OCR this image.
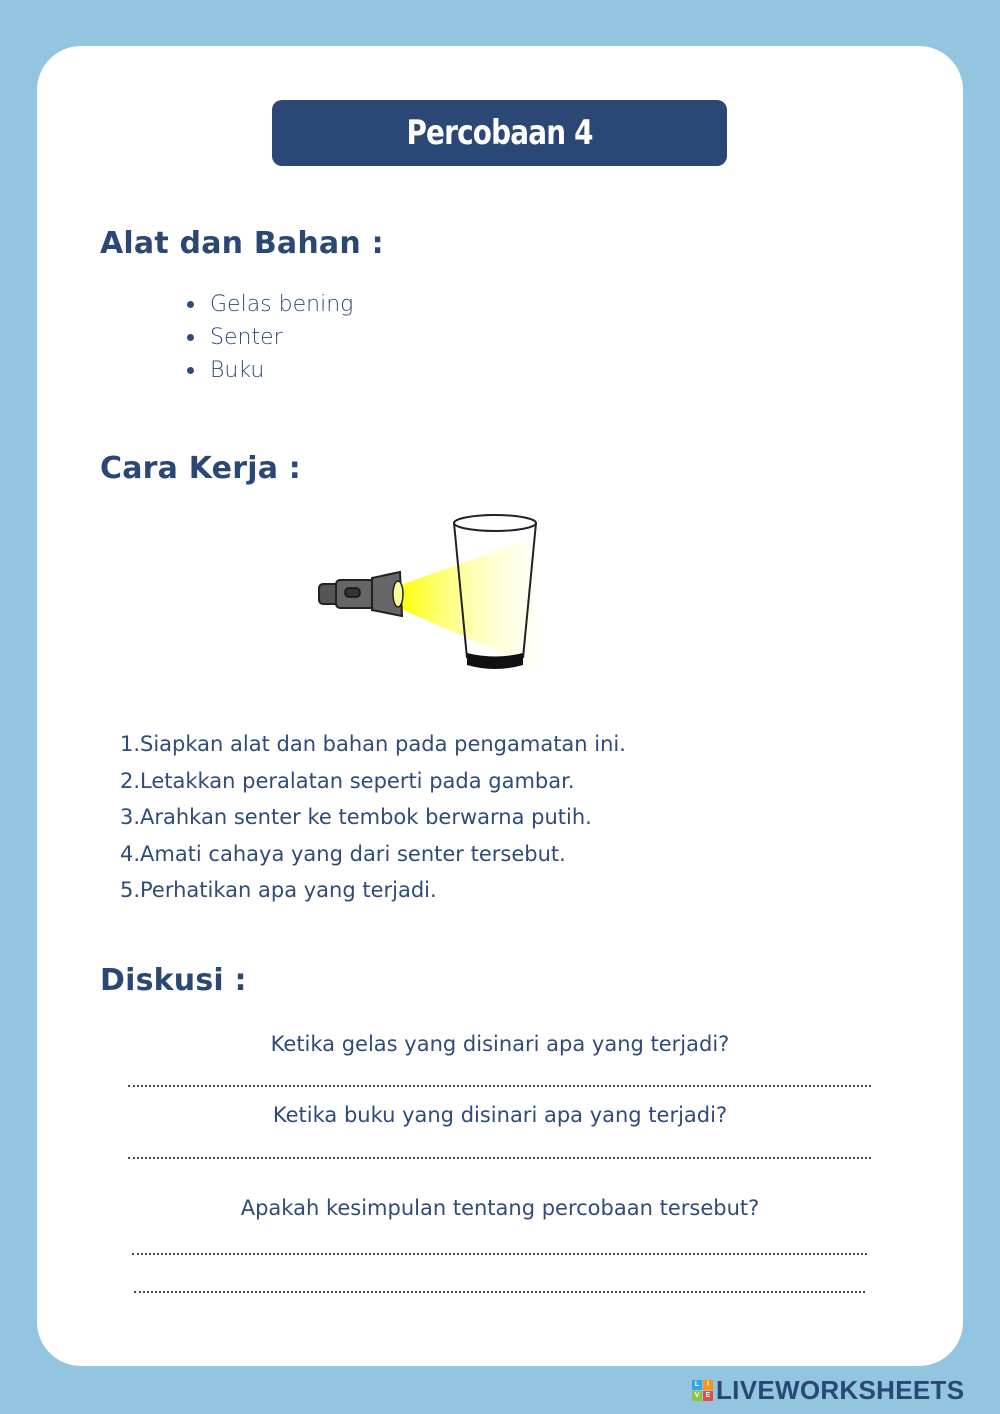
Percobaan 4
Alat dan Bahan :
Gelas bening
Senter
Buku
Cara Kerja :
1. Siapkan alat dan bahan pada pengamatan ini.
2. Letakkan peralatan seperti pada gambar.
3. Arahkan senter ke tembok berwarna putih.
4. Amati cahaya yang dari senter tersebut.
5. Perhatikan apa yang terjadi.
Diskusi :
Ketika gelas yang disinari apa yang terjadi?
Ketika buku yang disinari apa yang terjadi?
Apakah kesimpulan tentang percobaan tersebut?
L	I
V E LIVEWORKSHEETS
